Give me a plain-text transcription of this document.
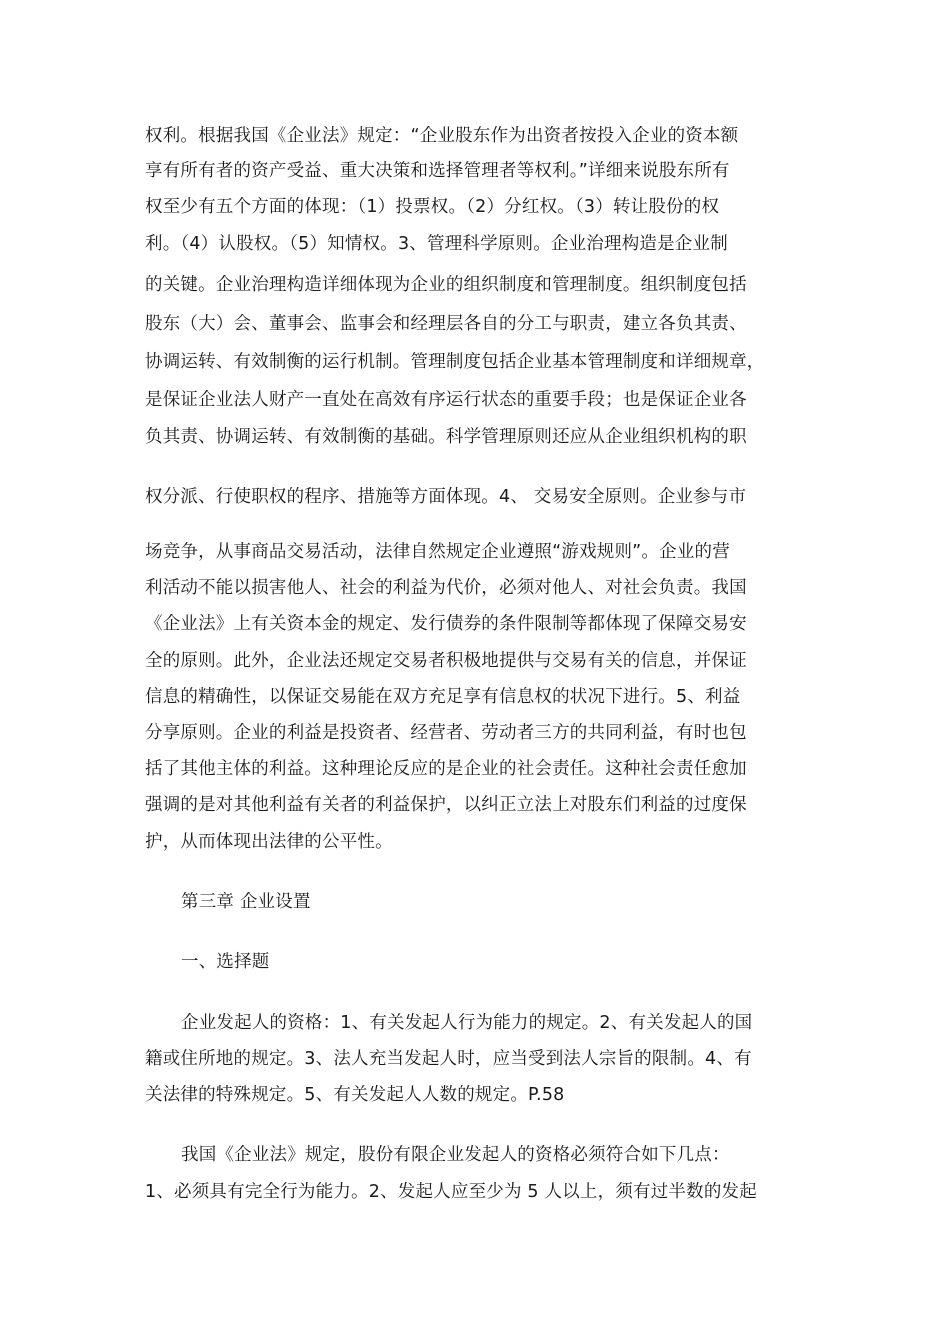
权利。根据我国《企业法》规定：“企业股东作为出资者按投入企业的资本额
享有所有者的资产受益、重大决策和选择管理者等权利。”详细来说股东所有
权至少有五个方面的体现：（1）投票权。（2）分红权。（3）转让股份的权
利。（4）认股权。（5）知情权。3、管理科学原则。企业治理构造是企业制
的关键。企业治理构造详细体现为企业的组织制度和管理制度。组织制度包括
股东（大）会、董事会、监事会和经理层各自的分工与职责，建立各负其责、
协调运转、有效制衡的运行机制。管理制度包括企业基本管理制度和详细规章，
是保证企业法人财产一直处在高效有序运行状态的重要手段；也是保证企业各
负其责、协调运转、有效制衡的基础。科学管理原则还应从企业组织机构的职
权分派、行使职权的程序、措施等方面体现。4、 交易安全原则。企业参与市
场竞争，从事商品交易活动，法律自然规定企业遵照“游戏规则”。企业的营
利活动不能以损害他人、社会的利益为代价，必须对他人、对社会负责。我国
《企业法》上有关资本金的规定、发行债券的条件限制等都体现了保障交易安
全的原则。此外，企业法还规定交易者积极地提供与交易有关的信息，并保证
信息的精确性，以保证交易能在双方充足享有信息权的状况下进行。5、利益
分享原则。企业的利益是投资者、经营者、劳动者三方的共同利益，有时也包
括了其他主体的利益。这种理论反应的是企业的社会责任。这种社会责任愈加
强调的是对其他利益有关者的利益保护，以纠正立法上对股东们利益的过度保
护，从而体现出法律的公平性。
第三章 企业设置
一、选择题
企业发起人的资格：1、有关发起人行为能力的规定。2、有关发起人的国
籍或住所地的规定。3、法人充当发起人时，应当受到法人宗旨的限制。4、有
关法律的特殊规定。5、有关发起人人数的规定。P.58
我国《企业法》规定，股份有限企业发起人的资格必须符合如下几点：
1、必须具有完全行为能力。2、发起人应至少为 5 人以上，须有过半数的发起
